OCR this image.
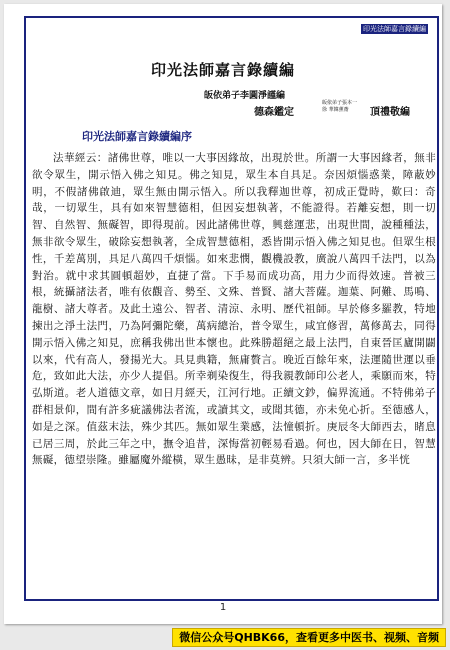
印光法師嘉言錄續編
印光法師嘉言錄續編
皈依弟子李圓淨謹編
德森鑑定
皈依弟子張本一
徐 華韓薰齋	頂禮敬編
印光法師嘉言錄續編序

法華經云：諸佛世尊，唯以一大事因緣故，出現於世。所謂一大事因緣者，無非欲令眾生，開示悟入佛之知見。佛之知見，眾生本自具足。奈因煩惱惑業，障蔽妙明，不假諸佛啟迪，眾生無由開示悟入。所以我釋迦世尊，初成正覺時，歎曰：奇哉，一切眾生，具有如來智慧德相，但因妄想執著，不能證得。若離妄想，則一切智、自然智、無礙智，即得現前。因此諸佛世尊，興慈運悲，出現世間，說種種法，無非欲令眾生，破除妄想執著，全成智慧德相，悉皆開示悟入佛之知見也。但眾生根性，千差萬別，具足八萬四千煩惱。如來悲憫，觀機設教，廣說八萬四千法門，以為對治。就中求其圓頓超妙，直捷了當。下手易而成功高，用力少而得效速。普被三根，統攝諸法者，唯有依觀音、勢至、文殊、普賢、諸大菩薩。迦葉、阿難、馬鳴、龍樹、諸大尊者。及此土遠公、智者、清涼、永明、歷代祖師。早於修多羅教，特地揀出之淨土法門，乃為阿彌陀藥，萬病總治，普令眾生，咸宜修習，萬修萬去，同得開示悟入佛之知見，庶稱我佛出世本懷也。此殊勝超絕之最上法門，自東晉匡廬開闢以來，代有高人，發揚光大。具見典籍，無庸贅言。晚近百餘年來，法運隨世運以垂危，致如此大法，亦少人提倡。所幸剃染復生，得我親教師印公老人，乘願而來，特弘斯道。老人道德文章，如日月經天，江河行地。正續文鈔，偏界流通。不特佛弟子群相景仰，間有許多疵議佛法者流，或讀其文，或聞其德，亦未免心折。至德感人，如是之深。值茲末法，殊少其匹。無如眾生業感，法憧頓折。庚辰冬大師西去，睹息已居三周，於此三年之中，撫令追昔，深悔當初輕易看過。何也，因大師在日，智慧無礙，德望崇隆。雖屬魔外縱橫，眾生愚昧，是非莫辨。只須大師一言，多半恍

1
微信公众号QHBK66，查看更多中医书、视频、音频
